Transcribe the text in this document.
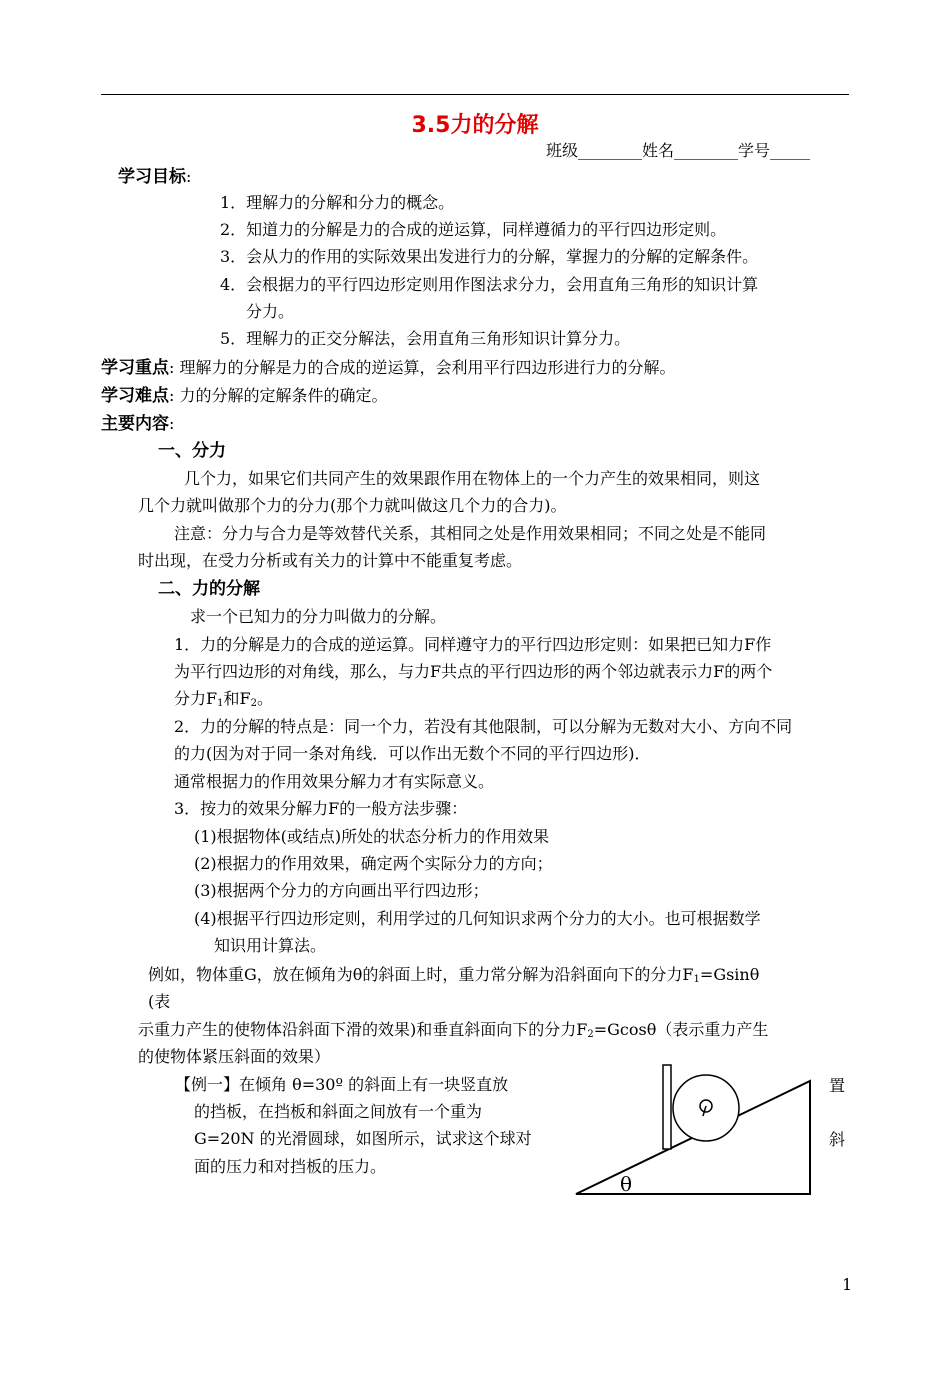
3.5力的分解
班级________姓名________学号_____
学习目标:
1．理解力的分解和分力的概念。
2．知道力的分解是力的合成的逆运算，同样遵循力的平行四边形定则。
3．会从力的作用的实际效果出发进行力的分解，掌握力的分解的定解条件。
4．会根据力的平行四边形定则用作图法求分力，会用直角三角形的知识计算
分力。
5．理解力的正交分解法，会用直角三角形知识计算分力。
学习重点: 理解力的分解是力的合成的逆运算，会利用平行四边形进行力的分解。
学习难点: 力的分解的定解条件的确定。
主要内容:
一、分力
几个力，如果它们共同产生的效果跟作用在物体上的一个力产生的效果相同，则这
几个力就叫做那个力的分力(那个力就叫做这几个力的合力)。
注意：分力与合力是等效替代关系，其相同之处是作用效果相同；不同之处是不能同
时出现，在受力分析或有关力的计算中不能重复考虑。
二、力的分解
求一个已知力的分力叫做力的分解。
1．力的分解是力的合成的逆运算。同样遵守力的平行四边形定则：如果把已知力F作
为平行四边形的对角线，那么，与力F共点的平行四边形的两个邻边就表示力F的两个
分力$F_1$和$F_2$。
2．力的分解的特点是：同一个力，若没有其他限制，可以分解为无数对大小、方向不同
的力(因为对于同一条对角线．可以作出无数个不同的平行四边形)．
通常根据力的作用效果分解力才有实际意义。
3．按力的效果分解力F的一般方法步骤：
(1)根据物体(或结点)所处的状态分析力的作用效果
(2)根据力的作用效果，确定两个实际分力的方向；
(3)根据两个分力的方向画出平行四边形；
(4)根据平行四边形定则，利用学过的几何知识求两个分力的大小。也可根据数学
知识用计算法。
例如，物体重G，放在倾角为θ的斜面上时，重力常分解为沿斜面向下的分力$F_1=Gsin\theta$
(表
示重力产生的使物体沿斜面下滑的效果)和垂直斜面向下的分力$F_2=Gcos\theta$（表示重力产生
的使物体紧压斜面的效果）
【例一】在倾角 θ=30º 的斜面上有一块竖直放
的挡板，在挡板和斜面之间放有一个重为
G=20N 的光滑圆球，如图所示，试求这个球对
面的压力和对挡板的压力。
置
斜
θ
1
